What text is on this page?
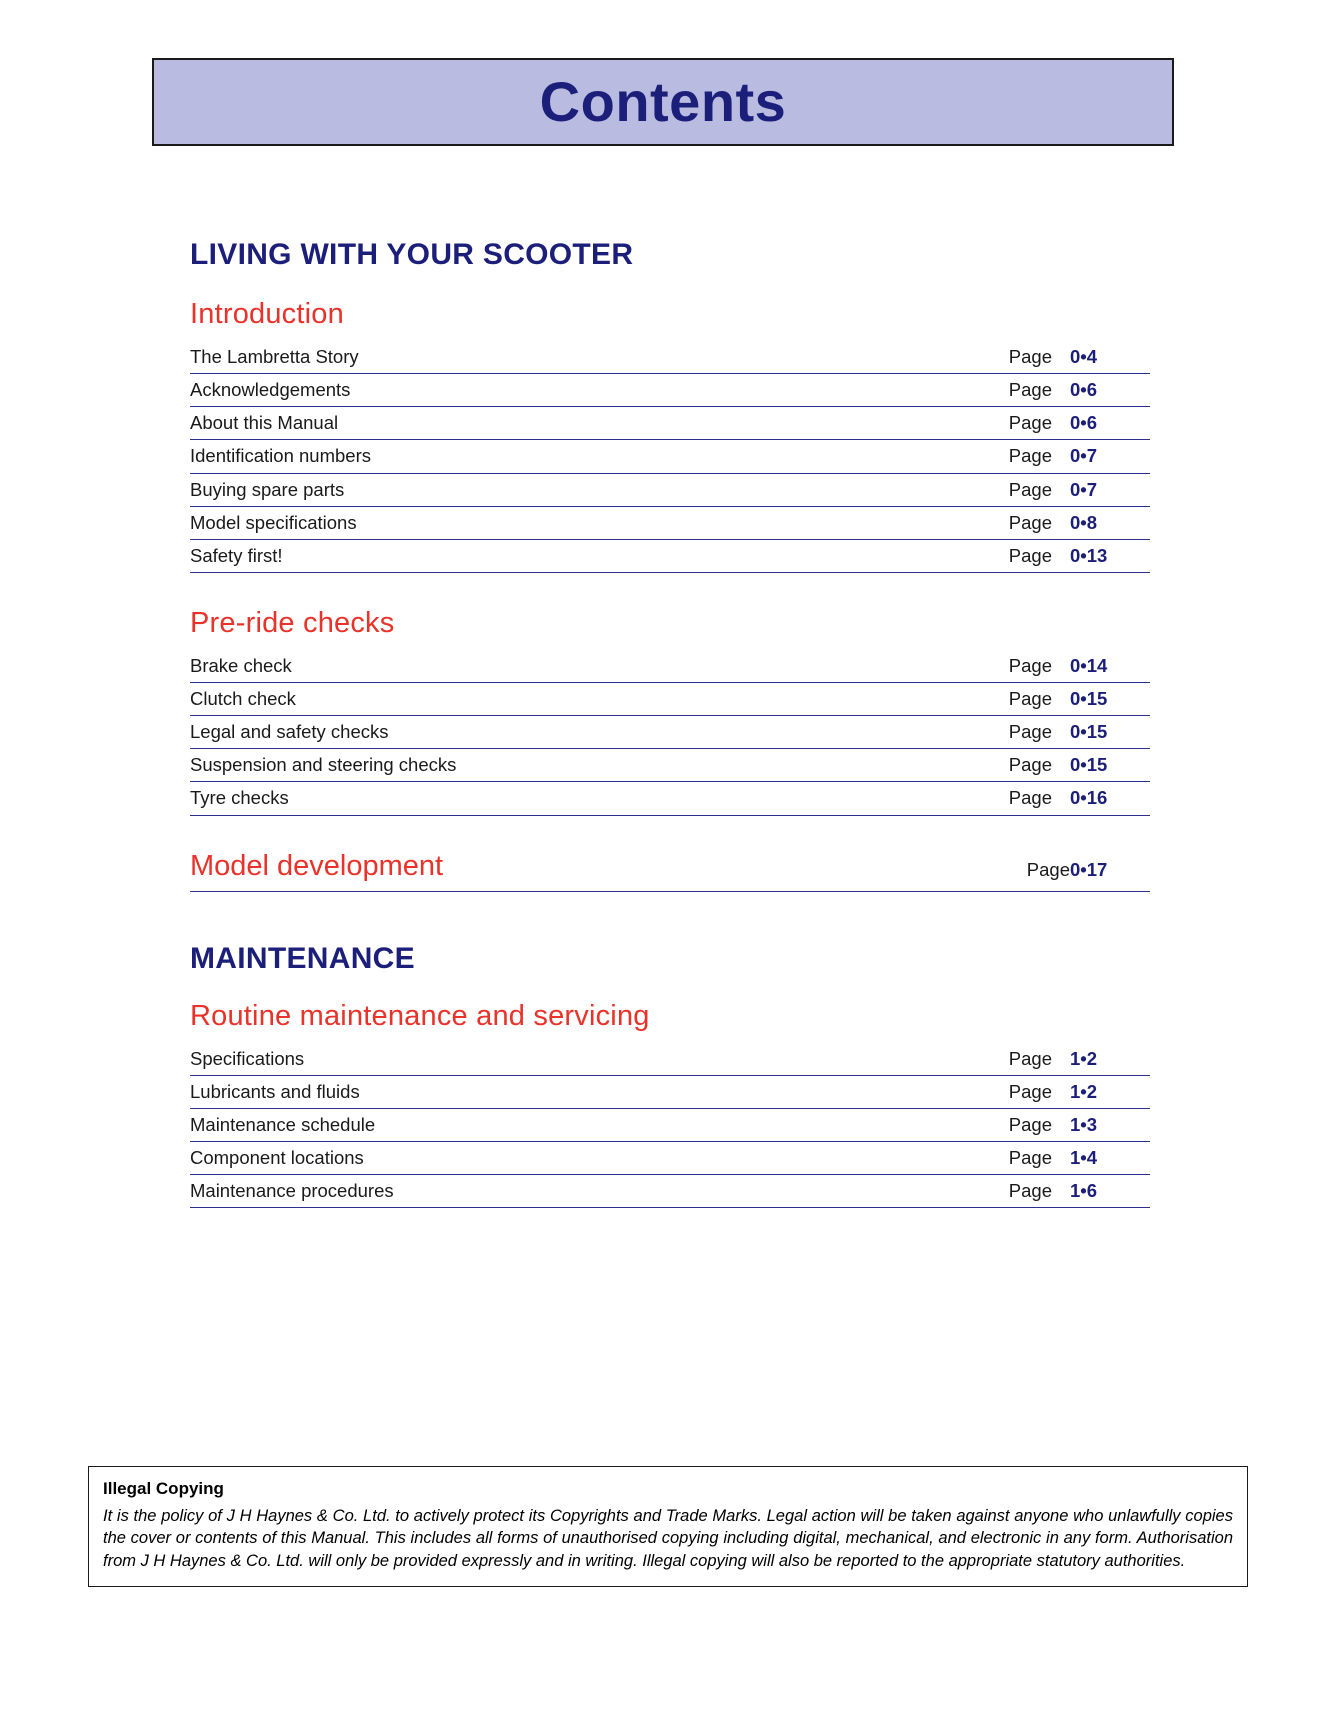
Contents
LIVING WITH YOUR SCOOTER
Introduction
The Lambretta Story	Page	0•4
Acknowledgements	Page	0•6
About this Manual	Page	0•6
Identification numbers	Page	0•7
Buying spare parts	Page	0•7
Model specifications	Page	0•8
Safety first!	Page	0•13
Pre-ride checks
Brake check	Page	0•14
Clutch check	Page	0•15
Legal and safety checks	Page	0•15
Suspension and steering checks	Page	0•15
Tyre checks	Page	0•16
Model development	Page	0•17
MAINTENANCE
Routine maintenance and servicing
Specifications	Page	1•2
Lubricants and fluids	Page	1•2
Maintenance schedule	Page	1•3
Component locations	Page	1•4
Maintenance procedures	Page	1•6
Illegal Copying
It is the policy of J H Haynes & Co. Ltd. to actively protect its Copyrights and Trade Marks. Legal action will be taken against anyone who unlawfully copies the cover or contents of this Manual. This includes all forms of unauthorised copying including digital, mechanical, and electronic in any form. Authorisation from J H Haynes & Co. Ltd. will only be provided expressly and in writing. Illegal copying will also be reported to the appropriate statutory authorities.
